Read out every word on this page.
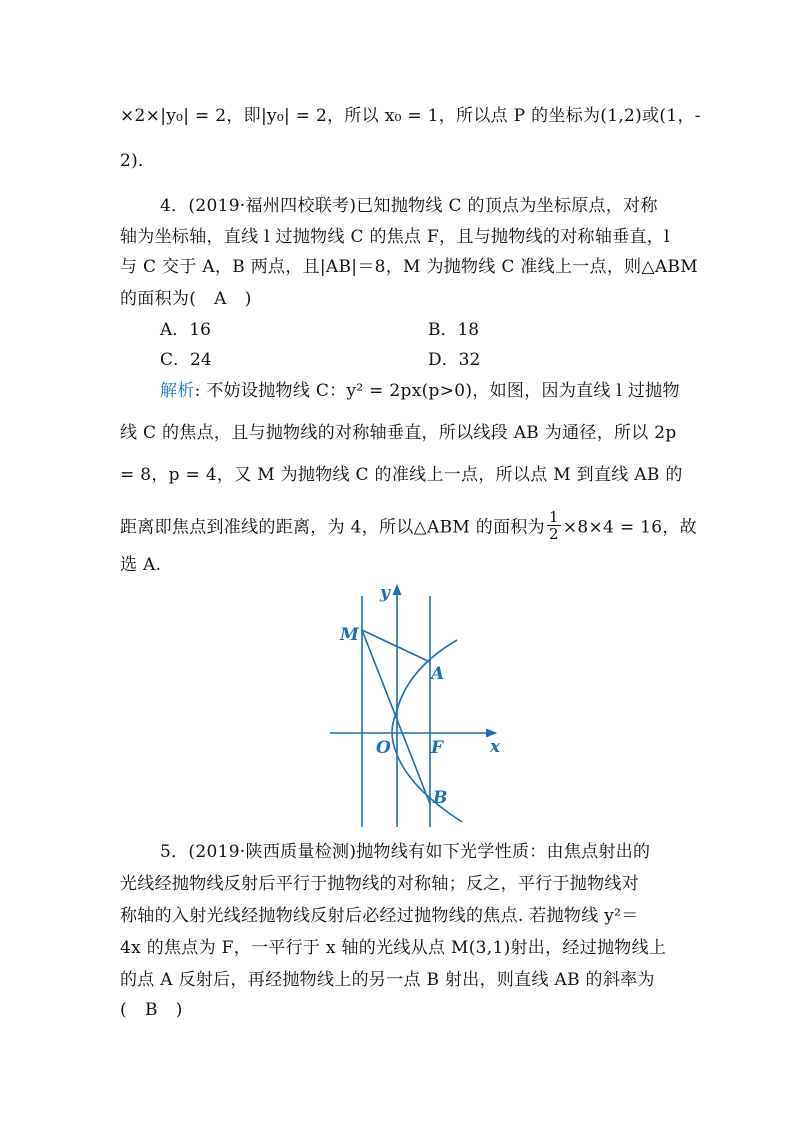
×2×|y₀| = 2，即|y₀| = 2，所以 x₀ = 1，所以点 P 的坐标为(1,2)或(1，-
2)．
4．(2019·福州四校联考)已知抛物线 C 的顶点为坐标原点，对称
轴为坐标轴，直线 l 过抛物线 C 的焦点 F，且与抛物线的对称轴垂直，l
与 C 交于 A，B 两点，且|AB|＝8，M 为抛物线 C 准线上一点，则△ABM
的面积为( A )
A．16	B．18
C．24	D．32
解析: 不妨设抛物线 C：y² = 2px(p>0)，如图，因为直线 l 过抛物
线 C 的焦点，且与抛物线的对称轴垂直，所以线段 AB 为通径，所以 2p
= 8，p = 4，又 M 为抛物线 C 的准线上一点，所以点 M 到直线 AB 的
距离即焦点到准线的距离，为 4，所以△ABM 的面积为 $\frac{1}{2} \times 8\times 4 = 16$，故
选 A.
y
M
A
O F	x
B
5．(2019·陕西质量检测)抛物线有如下光学性质：由焦点射出的
光线经抛物线反射后平行于抛物线的对称轴；反之，平行于抛物线对
称轴的入射光线经抛物线反射后必经过抛物线的焦点. 若抛物线 y²＝
4x 的焦点为 F，一平行于 x 轴的光线从点 M(3,1)射出，经过抛物线上
的点 A 反射后，再经抛物线上的另一点 B 射出，则直线 AB 的斜率为
( B )
